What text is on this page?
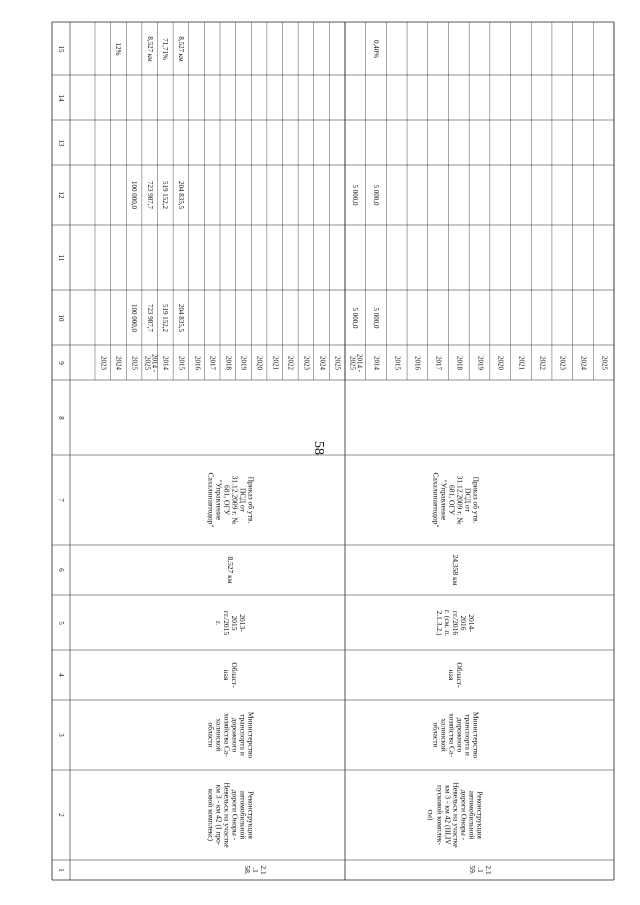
58
1
2
3
4
5
6
7
8
9
10
11
12
13
14
15
2023 2024
12%
2025
100 000,0
100 000,0
2014 -
2025
723 987,7
723 987,7
8,527 км
2014
519 152,2
519 152,2
71,71%
2015
204 835,5
204 835,5
8,527 км
2016 2017 2018 2019 2020 2021 2022 2023 2024 2025	2014 -
2025
5 000,0
5 000,0
2014
5 000,0
5 000,0
0,40%
2015 2016 2017 2018 2019 2020 2021 2022 2023 2024 2025
2.1
.1
58.
Реконструкция
автомобильной
дороги Оноры -
Невельск на участке
км 3 - км 42 (I про-
ковой комплекс)
Министерство
транспорта и
дорожного
хозяйства Са-
халинской
области
Област-
ная
2013-
2015
гг./2015
г.
8,527 км
Приказ об утв.
ПСД от
31.12.2009 г. №
681, ОГУ
"Управление
Сахалинавтодор"
2.1
.1
59.
Реконструкция
автомобильной
дороги Оноры -
Невельск на участке
км 3 - км 42 (III,IV
пусковой комплек-
сы)
Министерство
транспорта и
дорожного
хозяйства Са-
халинской
области
Област-
ная
2014-
2016
гг./2016
г. (см. п.
2.1.3.2.)
24,358 км
Приказ об утв.
ПСД от
31.12.2009 г. №
681, ОГУ
"Управление
Сахалинавтодор"
